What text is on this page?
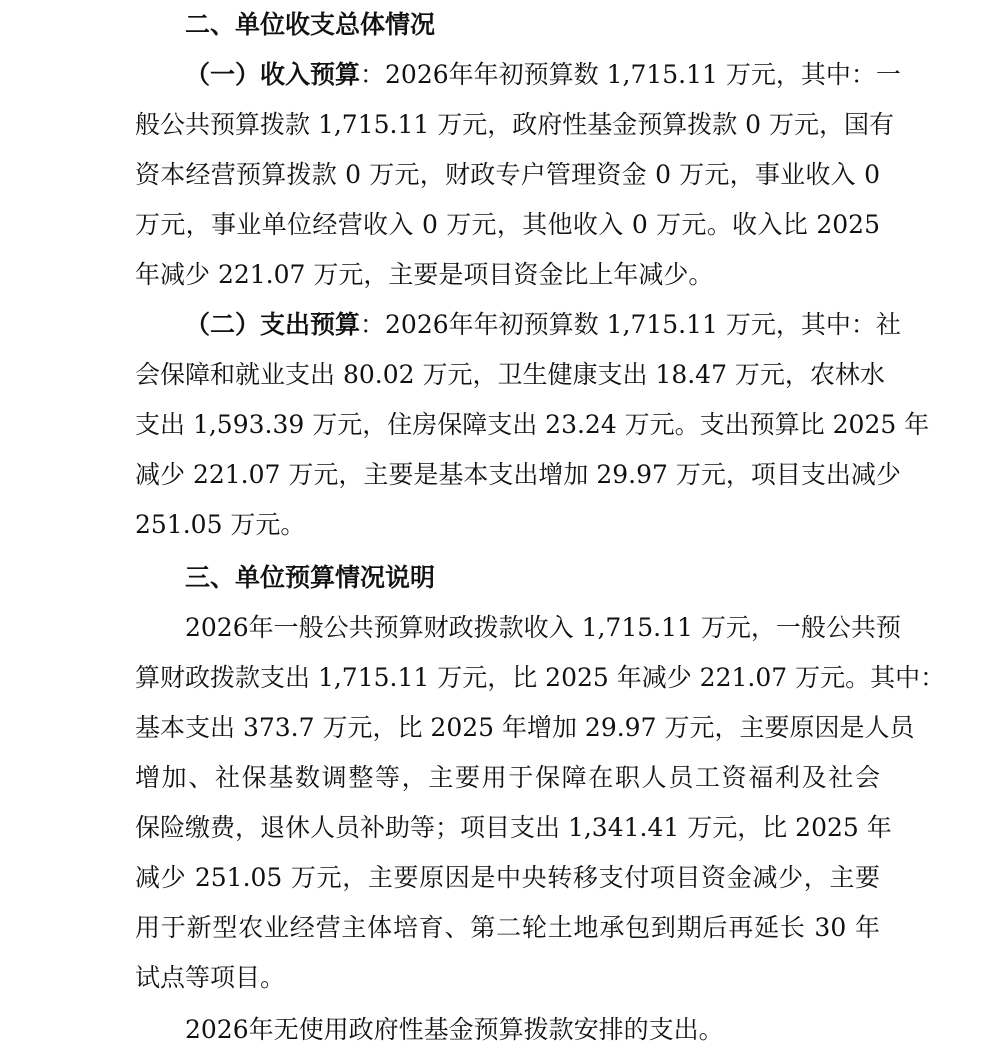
二、单位收支总体情况
（一）收入预算：2026年年初预算数 1,715.11 万元，其中：一
般公共预算拨款 1,715.11 万元，政府性基金预算拨款 0 万元，国有
资本经营预算拨款 0 万元，财政专户管理资金 0 万元，事业收入 0
万元，事业单位经营收入 0 万元，其他收入 0 万元。收入比 2025
年减少 221.07 万元，主要是项目资金比上年减少。
（二）支出预算：2026年年初预算数 1,715.11 万元，其中：社
会保障和就业支出 80.02 万元，卫生健康支出 18.47 万元，农林水
支出 1,593.39 万元，住房保障支出 23.24 万元。支出预算比 2025 年
减少 221.07 万元，主要是基本支出增加 29.97 万元，项目支出减少
251.05 万元。
三、单位预算情况说明
2026年一般公共预算财政拨款收入 1,715.11 万元，一般公共预
算财政拨款支出 1,715.11 万元，比 2025 年减少 221.07 万元。其中：
基本支出 373.7 万元，比 2025 年增加 29.97 万元，主要原因是人员
增加、社保基数调整等，主要用于保障在职人员工资福利及社会
保险缴费，退休人员补助等；项目支出 1,341.41 万元，比 2025 年
减少 251.05 万元，主要原因是中央转移支付项目资金减少，主要
用于新型农业经营主体培育、第二轮土地承包到期后再延长 30 年
试点等项目。
2026年无使用政府性基金预算拨款安排的支出。
